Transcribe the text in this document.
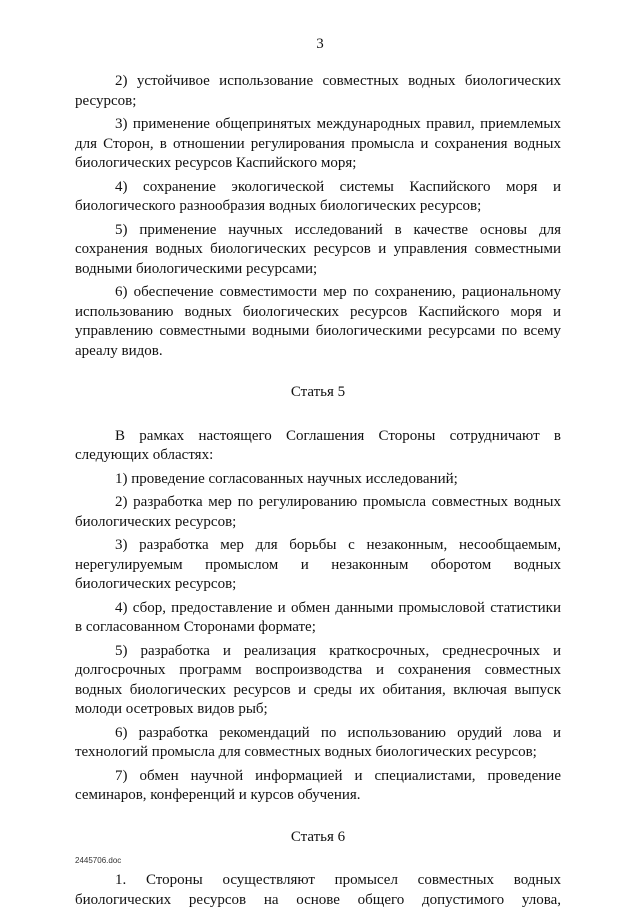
3

2) устойчивое использование совместных водных биологических ресурсов;

3) применение общепринятых международных правил, приемлемых для Сторон, в отношении регулирования промысла и сохранения водных биологических ресурсов Каспийского моря;

4) сохранение экологической системы Каспийского моря и биологического разнообразия водных биологических ресурсов;

5) применение научных исследований в качестве основы для сохранения водных биологических ресурсов и управления совместными водными биологическими ресурсами;

6) обеспечение совместимости мер по сохранению, рациональному использованию водных биологических ресурсов Каспийского моря и управлению совместными водными биологическими ресурсами по всему ареалу видов.

Статья 5

В рамках настоящего Соглашения Стороны сотрудничают в следующих областях:

1) проведение согласованных научных исследований;

2) разработка мер по регулированию промысла совместных водных биологических ресурсов;

3) разработка мер для борьбы с незаконным, несообщаемым, нерегулируемым промыслом и незаконным оборотом водных биологических ресурсов;

4) сбор, предоставление и обмен данными промысловой статистики в согласованном Сторонами формате;

5) разработка и реализация краткосрочных, среднесрочных и долгосрочных программ воспроизводства и сохранения совместных водных биологических ресурсов и среды их обитания, включая выпуск молоди осетровых видов рыб;

6) разработка рекомендаций по использованию орудий лова и технологий промысла для совместных водных биологических ресурсов;

7) обмен научной информацией и специалистами, проведение семинаров, конференций и курсов обучения.

Статья 6

1. Стороны осуществляют промысел совместных водных биологических ресурсов на основе общего допустимого улова,

2445706.doc
